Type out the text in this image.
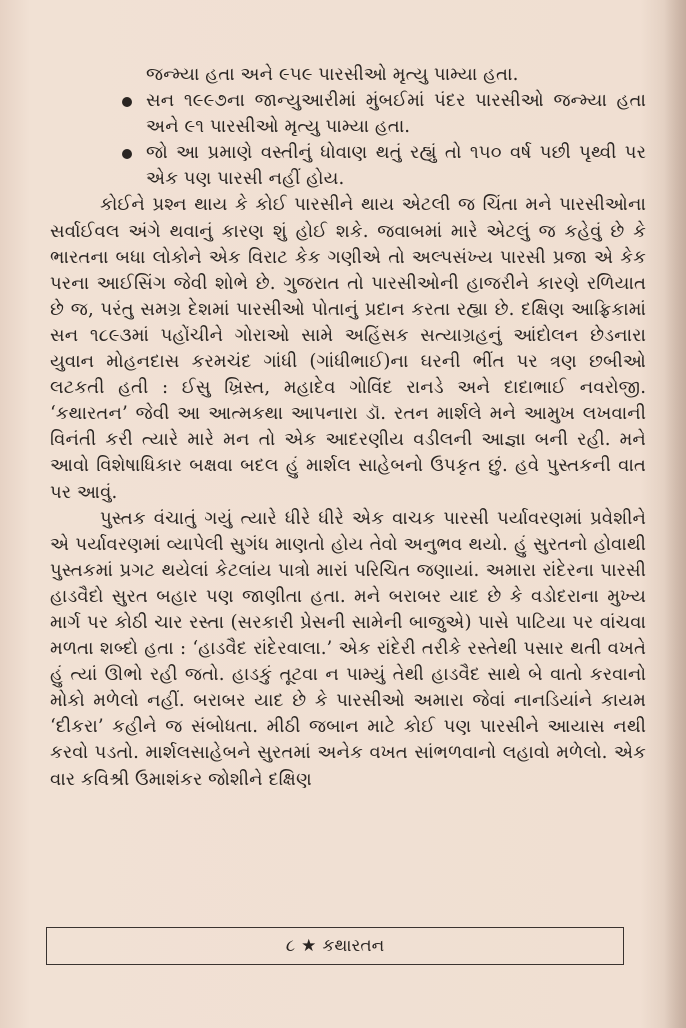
જન્મ્યા હતા અને ૯૫૯ પારસીઓ મૃત્યુ પામ્યા હતા.
સન ૧૯૯૭ના જાન્યુઆરીમાં મુંબઈમાં પંદર પારસીઓ જન્મ્યા હતા અને ૯૧ પારસીઓ મૃત્યુ પામ્યા હતા.
જો આ પ્રમાણે વસ્તીનું ધોવાણ થતું રહ્યું તો ૧૫૦ વર્ષ પછી પૃથ્વી પર એક પણ પારસી નહીં હોય.

કોઈને પ્રશ્ન થાય કે કોઈ પારસીને થાય એટલી જ ચિંતા મને પારસીઓના સર્વાઈવલ અંગે થવાનું કારણ શું હોઈ શકે. જવાબમાં મારે એટલું જ કહેવું છે કે ભારતના બધા લોકોને એક વિરાટ કેક ગણીએ તો અલ્પસંખ્ય પારસી પ્રજા એ કેક પરના આઈસિંગ જેવી શોભે છે. ગુજરાત તો પારસીઓની હાજરીને કારણે રળિયાત છે જ, પરંતુ સમગ્ર દેશમાં પારસીઓ પોતાનું પ્રદાન કરતા રહ્યા છે. દક્ષિણ આફ્રિકામાં સન ૧૮૯૩માં પહોંચીને ગોરાઓ સામે અહિંસક સત્યાગ્રહનું આંદોલન છેડનારા યુવાન મોહનદાસ કરમચંદ ગાંધી (ગાંધીભાઈ)ના ઘરની ભીંત પર ત્રણ છબીઓ લટકતી હતી : ઈસુ ખ્રિસ્ત, મહાદેવ ગોવિંદ રાનડે અને દાદાભાઈ નવરોજી. ‘કથારતન’ જેવી આ આત્મકથા આપનારા ડૉ. રતન માર્શલે મને આમુખ લખવાની વિનંતી કરી ત્યારે મારે મન તો એક આદરણીય વડીલની આજ્ઞા બની રહી. મને આવો વિશેષાધિકાર બક્ષવા બદલ હું માર્શલ સાહેબનો ઉપકૃત છું. હવે પુસ્તકની વાત પર આવું.

પુસ્તક વંચાતું ગયું ત્યારે ધીરે ધીરે એક વાચક પારસી પર્યાવરણમાં પ્રવેશીને એ પર્યાવરણમાં વ્યાપેલી સુગંધ માણતો હોય તેવો અનુભવ થયો. હું સુરતનો હોવાથી પુસ્તકમાં પ્રગટ થયેલાં કેટલાંય પાત્રો મારાં પરિચિત જણાયાં. અમારા રાંદેરના પારસી હાડવૈદો સુરત બહાર પણ જાણીતા હતા. મને બરાબર યાદ છે કે વડોદરાના મુખ્ય માર્ગ પર કોઠી ચાર રસ્તા (સરકારી પ્રેસની સામેની બાજુએ) પાસે પાટિયા પર વાંચવા મળતા શબ્દો હતા : ‘હાડવૈદ રાંદેરવાલા.’ એક રાંદેરી તરીકે રસ્તેથી પસાર થતી વખતે હું ત્યાં ઊભો રહી જતો. હાડકું તૂટવા ન પામ્યું તેથી હાડવૈદ સાથે બે વાતો કરવાનો મોકો મળેલો નહીં. બરાબર યાદ છે કે પારસીઓ અમારા જેવાં નાનડિયાંને કાયમ ‘દીકરા’ કહીને જ સંબોધતા. મીઠી જબાન માટે કોઈ પણ પારસીને આયાસ નથી કરવો પડતો. માર્શલસાહેબને સુરતમાં અનેક વખત સાંભળવાનો લહાવો મળેલો. એક વાર કવિશ્રી ઉમાશંકર જોશીને દક્ષિણ

૮ ★ કથારતન
